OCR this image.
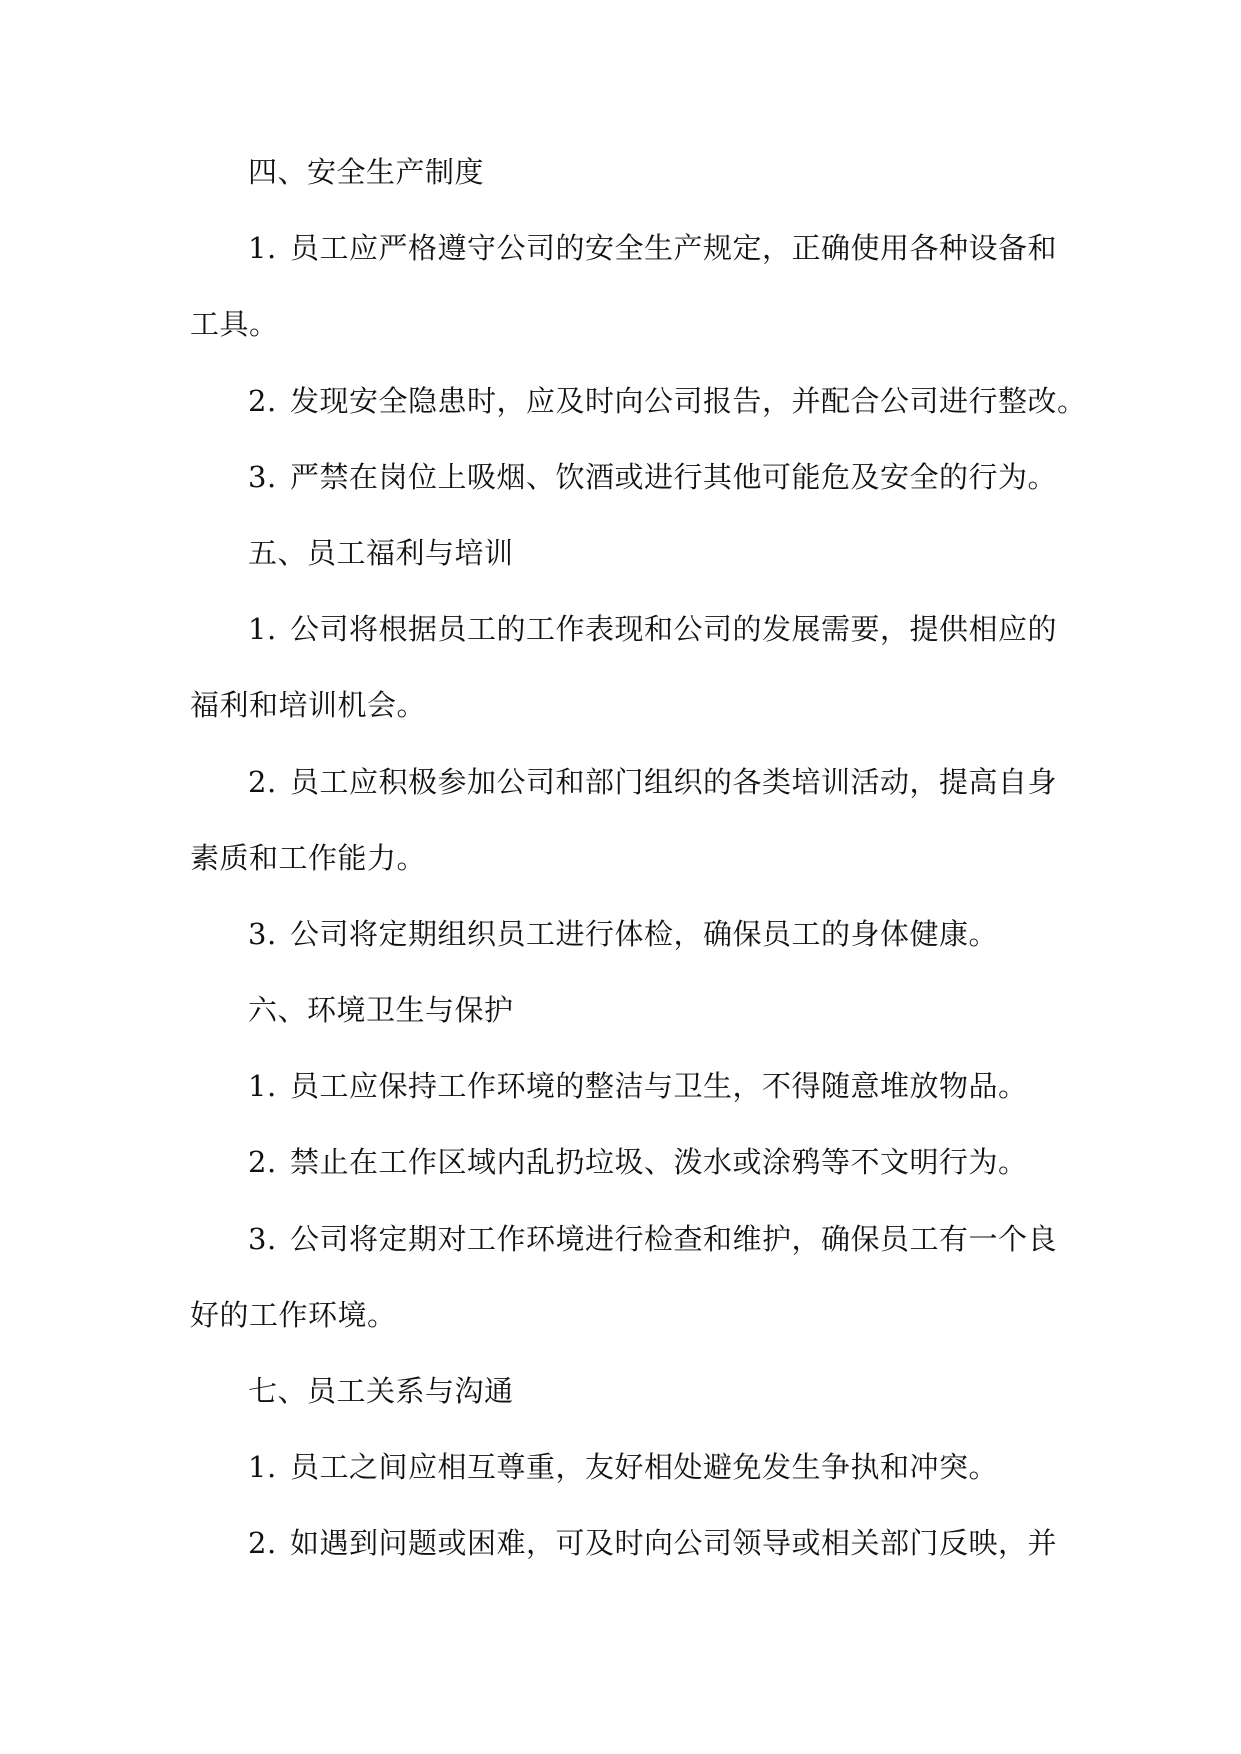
四、安全生产制度
1. 员工应严格遵守公司的安全生产规定，正确使用各种设备和
工具。
2. 发现安全隐患时，应及时向公司报告，并配合公司进行整改。
3. 严禁在岗位上吸烟、饮酒或进行其他可能危及安全的行为。
五、员工福利与培训
1. 公司将根据员工的工作表现和公司的发展需要，提供相应的
福利和培训机会。
2. 员工应积极参加公司和部门组织的各类培训活动，提高自身
素质和工作能力。
3. 公司将定期组织员工进行体检，确保员工的身体健康。
六、环境卫生与保护
1. 员工应保持工作环境的整洁与卫生，不得随意堆放物品。
2. 禁止在工作区域内乱扔垃圾、泼水或涂鸦等不文明行为。
3. 公司将定期对工作环境进行检查和维护，确保员工有一个良
好的工作环境。
七、员工关系与沟通
1. 员工之间应相互尊重，友好相处避免发生争执和冲突。
2. 如遇到问题或困难，可及时向公司领导或相关部门反映，并
